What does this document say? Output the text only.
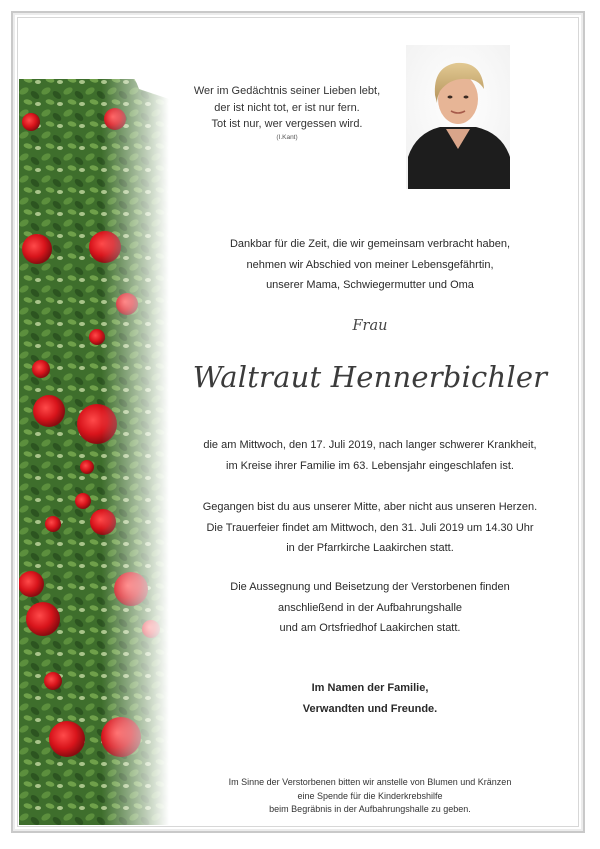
Wer im Gedächtnis seiner Lieben lebt,
der ist nicht tot, er ist nur fern.
Tot ist nur, wer vergessen wird.
(I.Kant)
Dankbar für die Zeit, die wir gemeinsam verbracht haben,
nehmen wir Abschied von meiner Lebensgefährtin,
unserer Mama, Schwiegermutter und Oma
Frau
Waltraut Hennerbichler
die am Mittwoch, den 17. Juli 2019, nach langer schwerer Krankheit,
im Kreise ihrer Familie im 63. Lebensjahr eingeschlafen ist.
Gegangen bist du aus unserer Mitte, aber nicht aus unseren Herzen.
Die Trauerfeier findet am Mittwoch, den 31. Juli 2019 um 14.30 Uhr
in der Pfarrkirche Laakirchen statt.
Die Aussegnung und Beisetzung der Verstorbenen finden
anschließend in der Aufbahrungshalle
und am Ortsfriedhof Laakirchen statt.
Im Namen der Familie,
Verwandten und Freunde.
Im Sinne der Verstorbenen bitten wir anstelle von Blumen und Kränzen
eine Spende für die Kinderkrebshilfe
beim Begräbnis in der Aufbahrungshalle zu geben.
